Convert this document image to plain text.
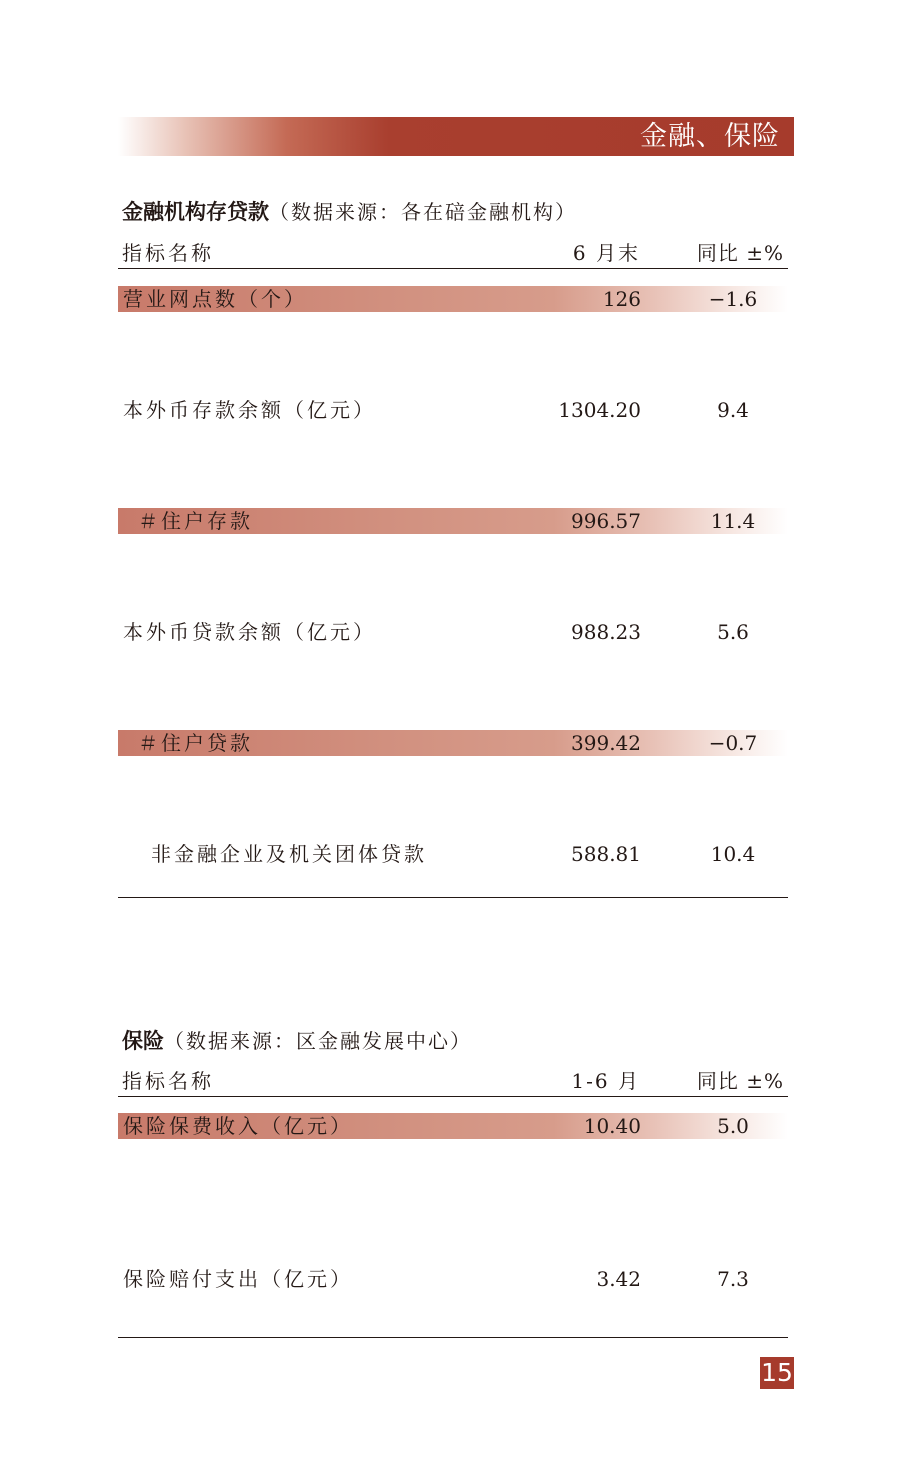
金融、保险
金融机构存贷款（数据来源：各在碚金融机构）
指标名称	6 月末	同比 ±%
营业网点数（个）	126	−1.6
本外币存款余额（亿元）	1304.20	9.4
＃住户存款	996.57	11.4
本外币贷款余额（亿元）	988.23	5.6
＃住户贷款	399.42	−0.7
非金融企业及机关团体贷款	588.81	10.4
保险（数据来源：区金融发展中心）
指标名称	1-6 月	同比 ±%
保险保费收入（亿元）	10.40	5.0
保险赔付支出（亿元）	3.42	7.3
15
